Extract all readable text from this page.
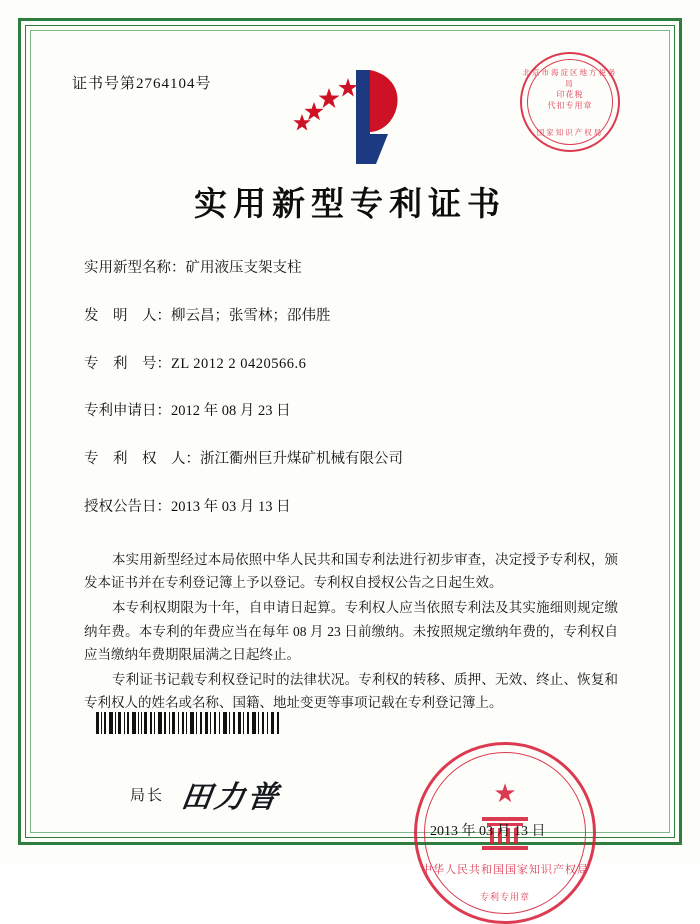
证书号第2764104号
北京市海淀区地方税务局
印花税
代扣专用章
国家知识产权局
实用新型专利证书
实用新型名称：矿用液压支架支柱
发　明　人：柳云昌；张雪林；邵伟胜
专　利　号：ZL 2012 2 0420566.6
专利申请日：2012 年 08 月 23 日
专　利　权　人：浙江衢州巨升煤矿机械有限公司
授权公告日：2013 年 03 月 13 日

本实用新型经过本局依照中华人民共和国专利法进行初步审查，决定授予专利权，颁发本证书并在专利登记簿上予以登记。专利权自授权公告之日起生效。

本专利权期限为十年，自申请日起算。专利权人应当依照专利法及其实施细则规定缴纳年费。本专利的年费应当在每年 08 月 23 日前缴纳。未按照规定缴纳年费的，专利权自应当缴纳年费期限届满之日起终止。

专利证书记载专利权登记时的法律状况。专利权的转移、质押、无效、终止、恢复和专利权人的姓名或名称、国籍、地址变更等事项记载在专利登记簿上。

局长 田力普	★
中华人民共和国国家知识产权局
专利专用章
2013 年 03 月 13 日
